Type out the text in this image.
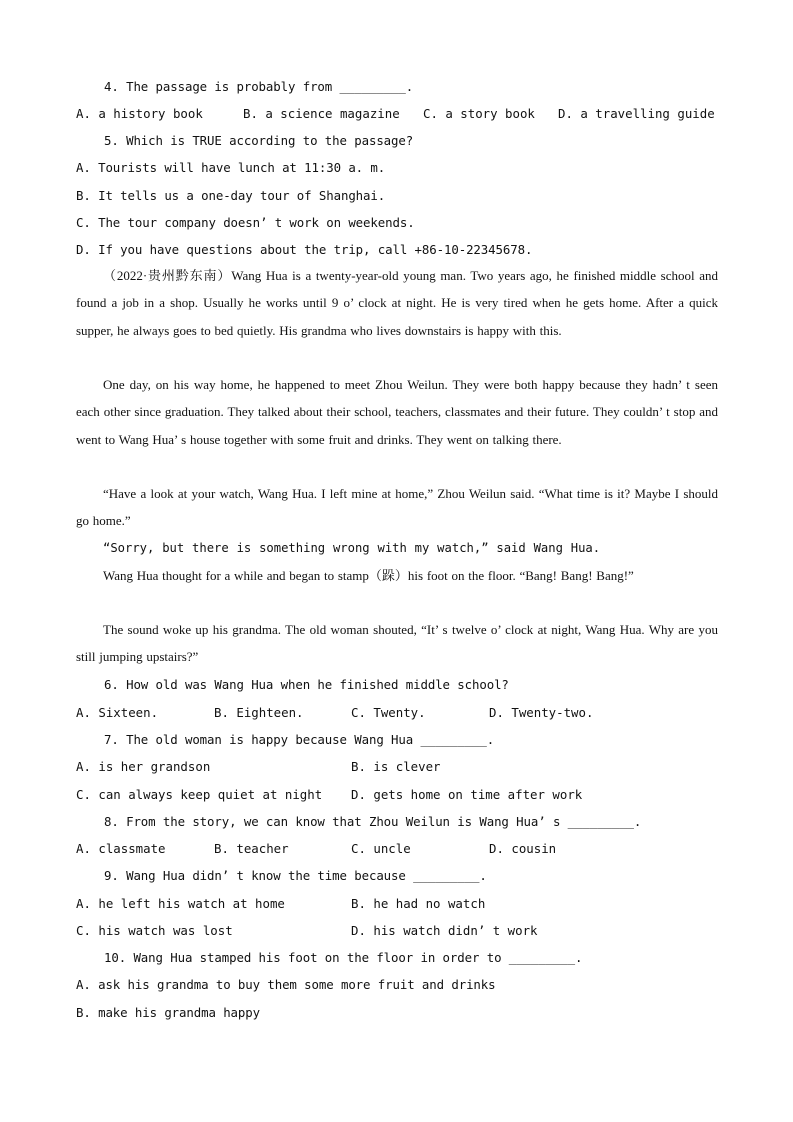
4. The passage is probably from _________.
A. a history book	B. a science magazine C. a story book D. a travelling guide
5. Which is TRUE according to the passage?
A. Tourists will have lunch at 11:30 a. m.
B. It tells us a one-day tour of Shanghai.
C. The tour company doesn’ t work on weekends.
D. If you have questions about the trip, call +86-10-22345678.
（2022·贵州黔东南）Wang Hua is a twenty-year-old young man. Two years ago, he finished middle school and found a job in a shop. Usually he works until 9 o’ clock at night. He is very tired when he gets home. After a quick supper, he always goes to bed quietly. His grandma who lives downstairs is happy with this.
One day, on his way home, he happened to meet Zhou Weilun. They were both happy because they hadn’ t seen each other since graduation. They talked about their school, teachers, classmates and their future. They couldn’ t stop and went to Wang Hua’ s house together with some fruit and drinks. They went on talking there.
“Have a look at your watch, Wang Hua. I left mine at home,” Zhou Weilun said. “What time is it? Maybe I should go home.”
“Sorry, but there is something wrong with my watch,” said Wang Hua.
Wang Hua thought for a while and began to stamp（跺）his foot on the floor. “Bang! Bang! Bang!”
The sound woke up his grandma. The old woman shouted, “It’ s twelve o’ clock at night, Wang Hua. Why are you still jumping upstairs?”
6. How old was Wang Hua when he finished middle school?
A. Sixteen.	B. Eighteen.	C. Twenty.	D. Twenty-two.
7. The old woman is happy because Wang Hua _________.
A. is her grandson	B. is clever
C. can always keep quiet at night D. gets home on time after work
8. From the story, we can know that Zhou Weilun is Wang Hua’ s _________.
A. classmate	B. teacher	C. uncle	D. cousin
9. Wang Hua didn’ t know the time because _________.
A. he left his watch at home	B. he had no watch
C. his watch was lost	D. his watch didn’ t work
10. Wang Hua stamped his foot on the floor in order to _________.
A. ask his grandma to buy them some more fruit and drinks
B. make his grandma happy
